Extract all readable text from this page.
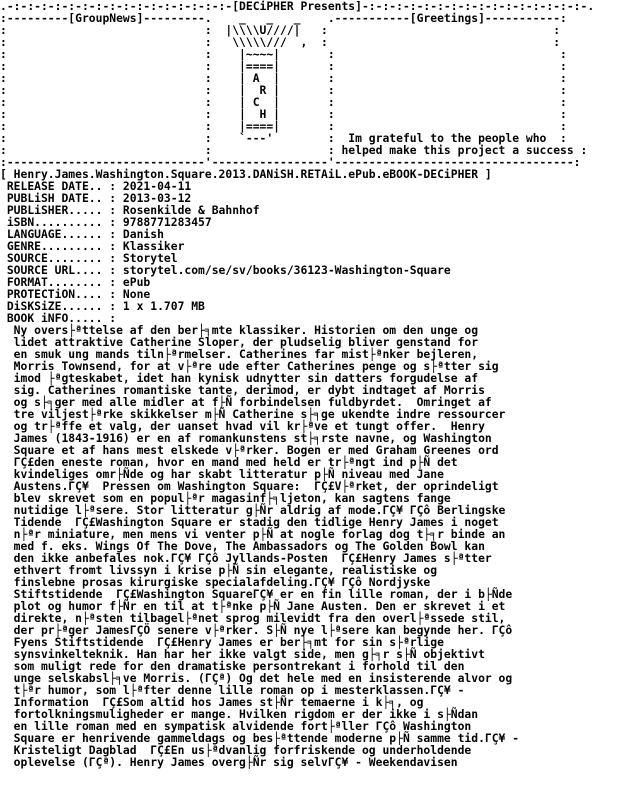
.-:-:-:-:-:-:-:-:-:-:-:-:-:-:-:-:-[DECiPHER Presents]-:-:-:-:-:-:-:-:-:-:-:-:-:-:-:-:-.
:---------[GroupNews]---------.    _   _   _    .-----------[Greetings]-----------:
:                             :  |\\\\U////|   :                                 :
:                             :   \\\\\///  ,  :                                 :
:                             :    |~~~~|       :                                 :
:                             :    |====|       :                                 :
:                             :    | A  |       :                                 :
:                             :    |  R |       :                                 :
:                             :    | C  |       :                                 :
:                             :    |  H |       :                                 :
:                             :    |====|       :                                 :
:                             :    `---'        :  Im grateful to the people who  :
:                             :                 : helped make this project a success :
:-----------------------------'-----------------'-----------------------------------:
[ Henry.James.Washington.Square.2013.DANiSH.RETAiL.ePub.eBOOK-DECiPHER ]
RELEASE DATE.. : 2021-04-11
PUBLiSH DATE.. : 2013-03-12
PUBLiSHER..... : Rosenkilde & Bahnhof
iSBN.......... : 9788771283457
LANGUAGE...... : Danish
GENRE......... : Klassiker
SOURCE........ : Storytel
SOURCE URL.... : storytel.com/se/sv/books/36123-Washington-Square
FORMAT........ : ePub
PROTECTiON.... : None
DiSKSiZE...... : 1 x 1.707 MB
BOOK iNFO..... :
Ny overs├ªttelse af den ber├╕mte klassiker. Historien om den unge og
lidet attraktive Catherine Sloper, der pludselig bliver genstand for
en smuk ung mands tiln├ªrmelser. Catherines far mist├ªnker bejleren,
Morris Townsend, for at v├ªre ude efter Catherines penge og s├ªtter sig
imod ├ªgteskabet, idet han kynisk udnytter sin datters forgudelse af
sig. Catherines romantiske tante, derimod, er dybt indtaget af Morris
og s├╕ger med alle midler at f├Ñ forbindelsen fuldbyrdet.  Omringet af
tre viljest├ªrke skikkelser m├Ñ Catherine s├╕ge ukendte indre ressourcer
og tr├ªffe et valg, der uanset hvad vil kr├ªve et tungt offer.  Henry
James (1843-1916) er en af romankunstens st├╕rste navne, og Washington
Square et af hans mest elskede v├ªrker. Bogen er med Graham Greenes ord
ΓÇ£den eneste roman, hvor en mand med held er tr├ªngt ind p├Ñ det
kvindeliges omr├Ñde og har skabt litteratur p├Ñ niveau med Jane
Austens.ΓÇ¥  Pressen om Washington Square:  ΓÇ£V├ªrket, der oprindeligt
blev skrevet som en popul├ªr magasinf├╕ljeton, kan sagtens fange
nutidige l├ªsere. Stor litteratur g├Ñr aldrig af mode.ΓÇ¥ ΓÇô Berlingske
Tidende  ΓÇ£Washington Square er stadig den tidlige Henry James i noget
n├ªr miniature, men mens vi venter p├Ñ at nogle forlag dog t├╕r binde an
med f. eks. Wings Of The Dove, The Ambassadors og The Golden Bowl kan
den ikke anbefales nok.ΓÇ¥ ΓÇô Jyllands-Posten  ΓÇ£Henry James s├ªtter
ethvert fromt livssyn i krise p├Ñ sin elegante, realistiske og
finslebne prosas kirurgiske specialafdeling.ΓÇ¥ ΓÇô Nordjyske
Stiftstidende  ΓÇ£Washington SquareΓÇ¥ er en fin lille roman, der i b├Ñde
plot og humor f├Ñr en til at t├ªnke p├Ñ Jane Austen. Den er skrevet i et
direkte, n├ªsten tilbagel├ªnet sprog milevidt fra den overl├ªssede stil,
der pr├ªger JamesΓÇÖ senere v├ªrker. S├Ñ nye l├ªsere kan begynde her. ΓÇô
Fyens Stiftstidende  ΓÇ£Henry James er ber├╕mt for sin s├ªrlige
synsvinkelteknik. Han har her ikke valgt side, men g├╕r s├Ñ objektivt
som muligt rede for den dramatiske persontrekant i forhold til den
unge selskabsl├╕ve Morris. (ΓÇª) Og det hele med en insisterende alvor og
t├ªr humor, som l├ªfter denne lille roman op i mesterklassen.ΓÇ¥ -
Information  ΓÇ£Som altid hos James st├Ñr temaerne i k├╕, og
fortolkningsmuligheder er mange. Hvilken rigdom er der ikke i s├Ñdan
en lille roman med en sympatisk alvidende fort├ªller ΓÇô Washington
Square er henrivende gammeldags og bes├ªttende moderne p├Ñ samme tid.ΓÇ¥ -
Kristeligt Dagblad  ΓÇ£En us├ªdvanlig forfriskende og underholdende
oplevelse (ΓÇª). Henry James overg├Ñr sig selvΓÇ¥ - Weekendavisen
